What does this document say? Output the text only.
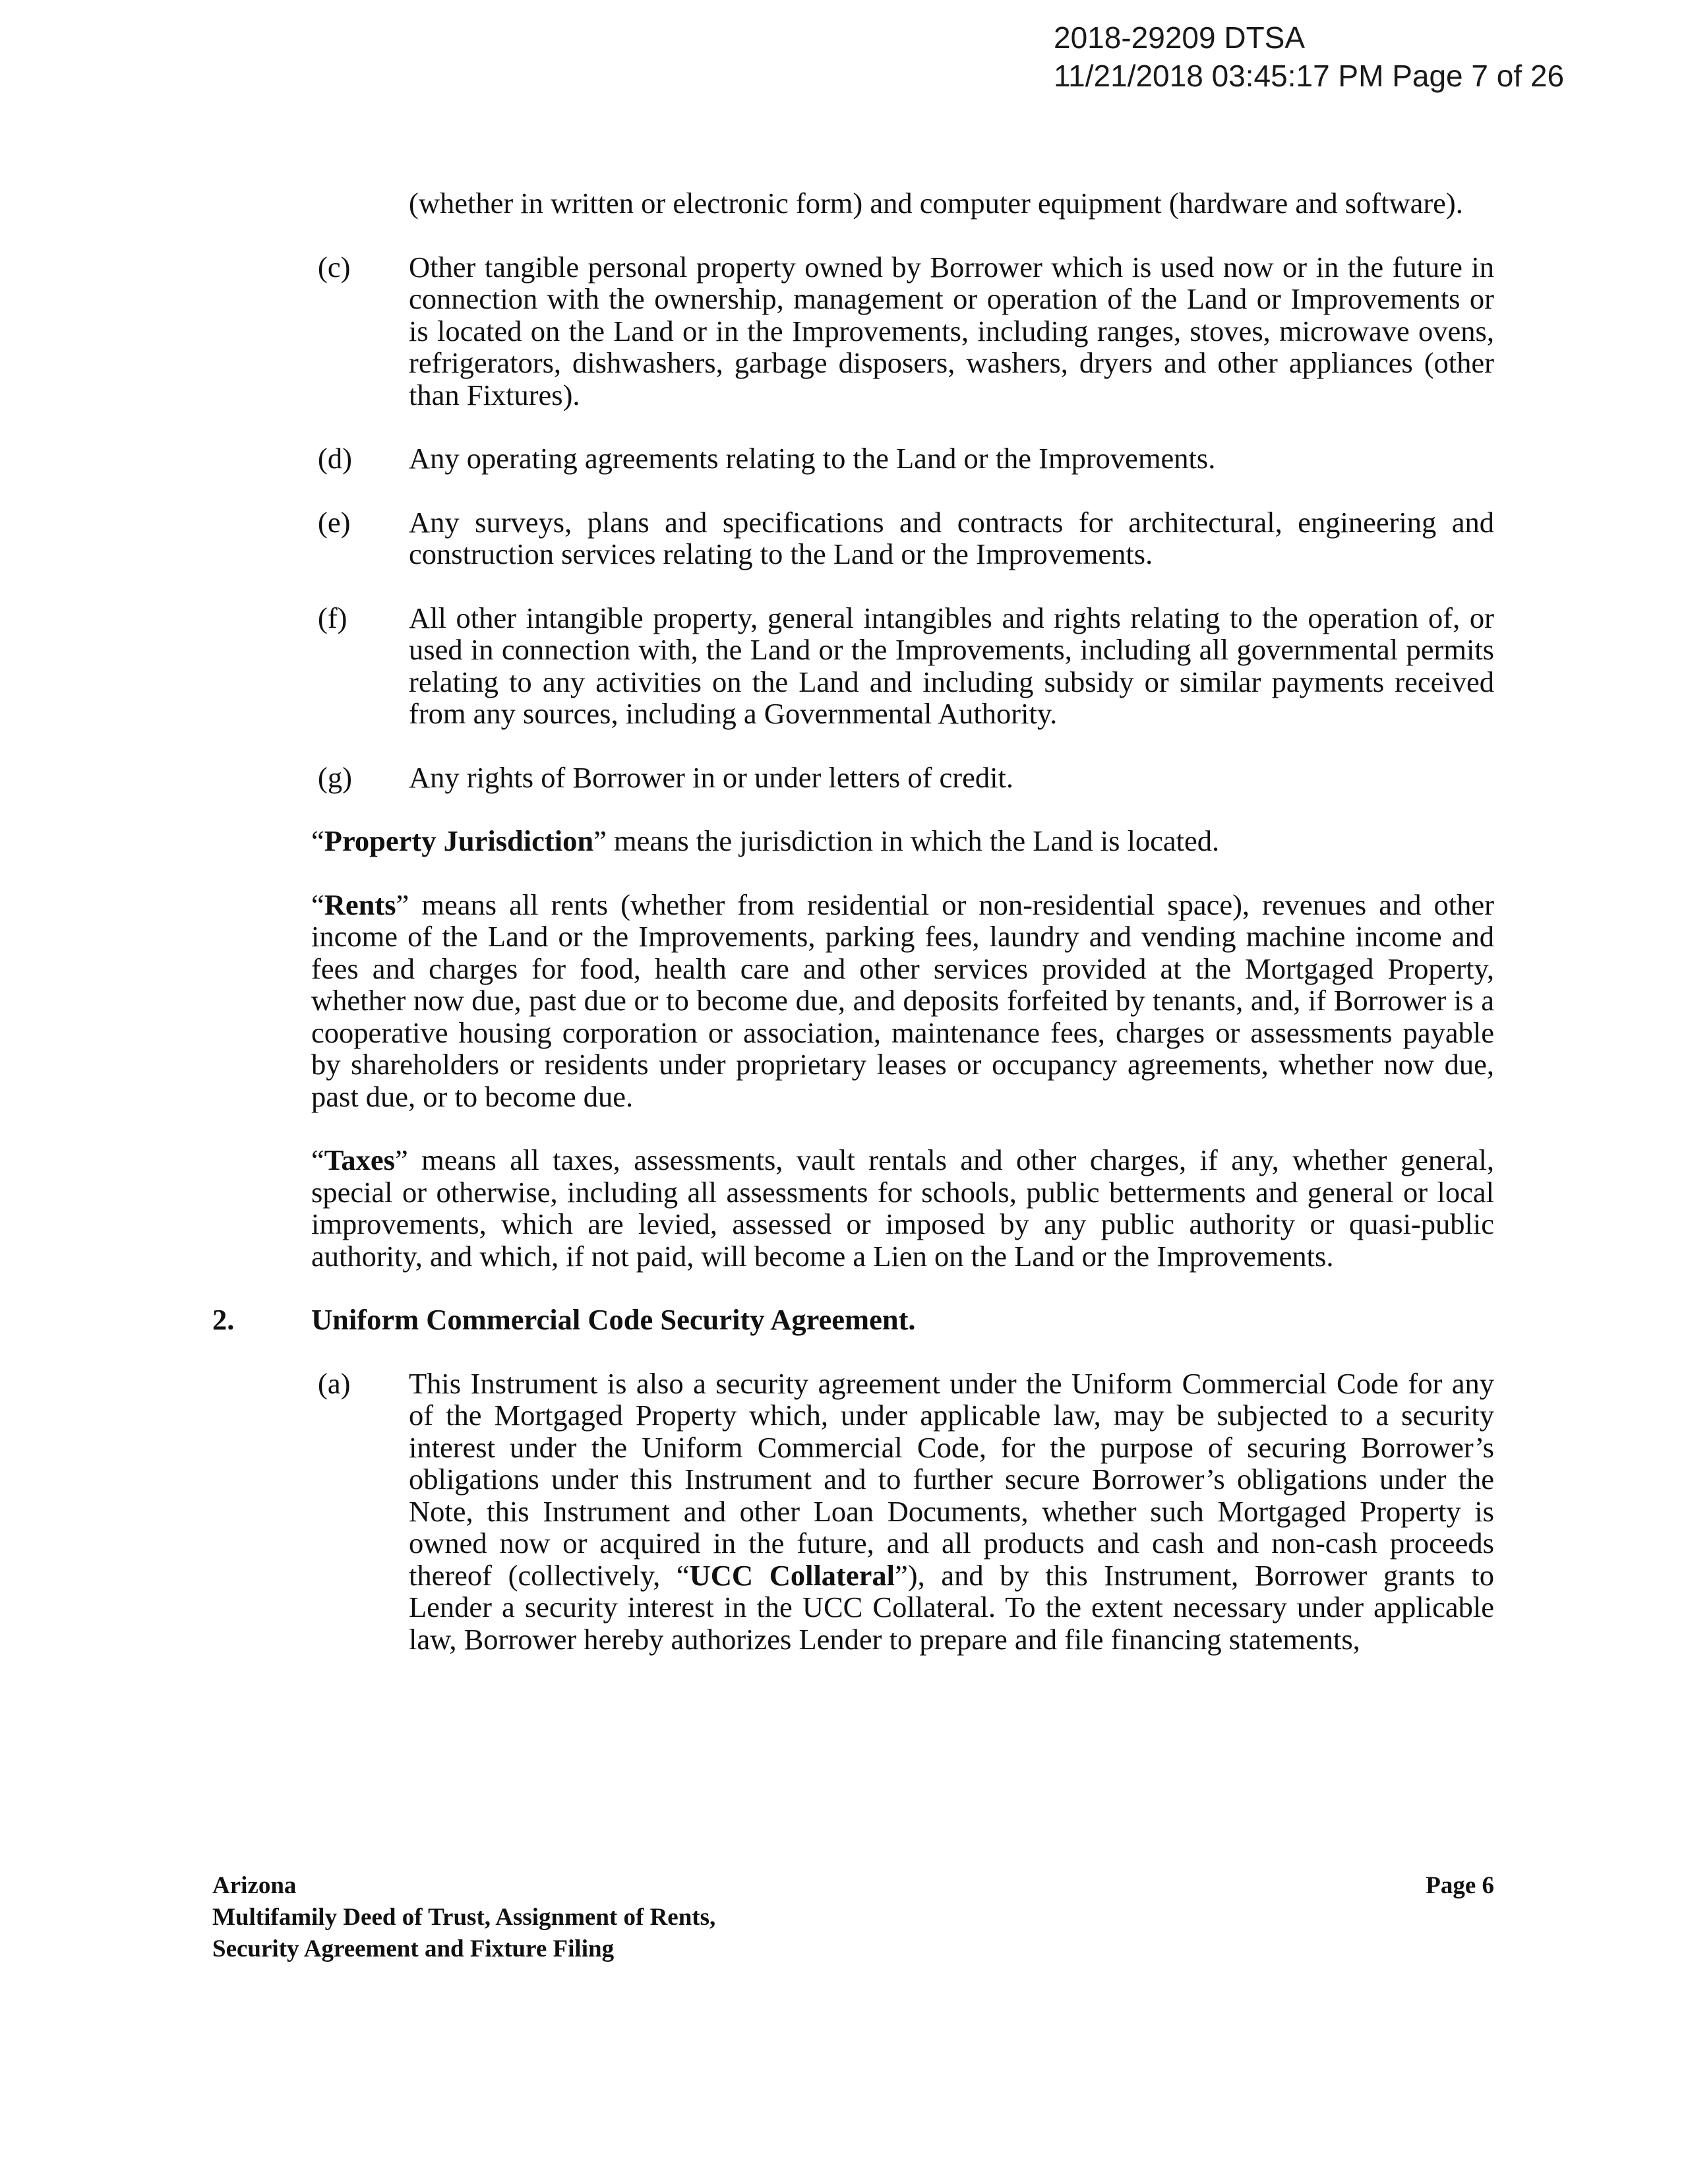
2018-29209 DTSA
11/21/2018 03:45:17 PM Page 7 of 26
(whether in written or electronic form) and computer equipment (hardware and software).
(c) Other tangible personal property owned by Borrower which is used now or in the future in connection with the ownership, management or operation of the Land or Improvements or is located on the Land or in the Improvements, including ranges, stoves, microwave ovens, refrigerators, dishwashers, garbage disposers, washers, dryers and other appliances (other than Fixtures).
(d) Any operating agreements relating to the Land or the Improvements.
(e) Any surveys, plans and specifications and contracts for architectural, engineering and construction services relating to the Land or the Improvements.
(f) All other intangible property, general intangibles and rights relating to the operation of, or used in connection with, the Land or the Improvements, including all governmental permits relating to any activities on the Land and including subsidy or similar payments received from any sources, including a Governmental Authority.
(g) Any rights of Borrower in or under letters of credit.
“Property Jurisdiction” means the jurisdiction in which the Land is located.
“Rents” means all rents (whether from residential or non-residential space), revenues and other income of the Land or the Improvements, parking fees, laundry and vending machine income and fees and charges for food, health care and other services provided at the Mortgaged Property, whether now due, past due or to become due, and deposits forfeited by tenants, and, if Borrower is a cooperative housing corporation or association, maintenance fees, charges or assessments payable by shareholders or residents under proprietary leases or occupancy agreements, whether now due, past due, or to become due.
“Taxes” means all taxes, assessments, vault rentals and other charges, if any, whether general, special or otherwise, including all assessments for schools, public betterments and general or local improvements, which are levied, assessed or imposed by any public authority or quasi-public authority, and which, if not paid, will become a Lien on the Land or the Improvements.
2.	Uniform Commercial Code Security Agreement.
(a) This Instrument is also a security agreement under the Uniform Commercial Code for any of the Mortgaged Property which, under applicable law, may be subjected to a security interest under the Uniform Commercial Code, for the purpose of securing Borrower’s obligations under this Instrument and to further secure Borrower’s obligations under the Note, this Instrument and other Loan Documents, whether such Mortgaged Property is owned now or acquired in the future, and all products and cash and non-cash proceeds thereof (collectively, “UCC Collateral”), and by this Instrument, Borrower grants to Lender a security interest in the UCC Collateral. To the extent necessary under applicable law, Borrower hereby authorizes Lender to prepare and file financing statements,
Arizona
Multifamily Deed of Trust, Assignment of Rents,
Security Agreement and Fixture Filing
Page 6
